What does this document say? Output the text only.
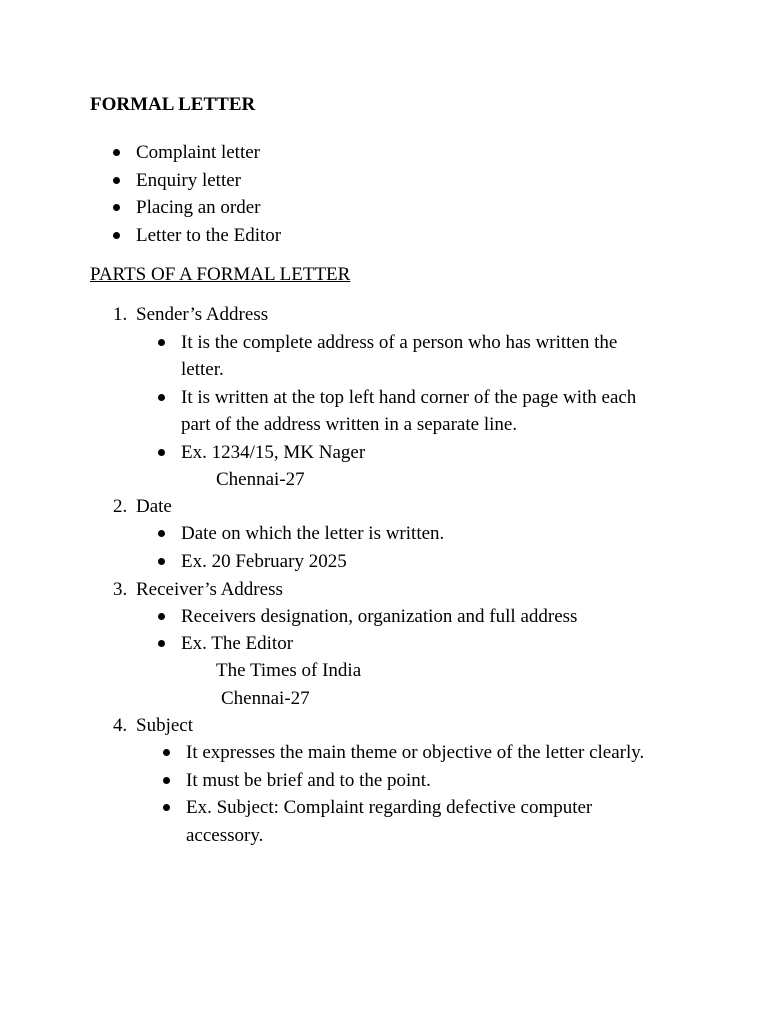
FORMAL LETTER
Complaint letter
Enquiry letter
Placing an order
Letter to the Editor
PARTS OF A FORMAL LETTER
1. Sender’s Address
It is the complete address of a person who has written the
letter.
It is written at the top left hand corner of the page with each
part of the address written in a separate line.
Ex. 1234/15, MK Nager
Chennai-27
2. Date
Date on which the letter is written.
Ex. 20 February 2025
3. Receiver’s Address
Receivers designation, organization and full address
Ex. The Editor
The Times of India
Chennai-27
4. Subject
It expresses the main theme or objective of the letter clearly.
It must be brief and to the point.
Ex. Subject: Complaint regarding defective computer
accessory.
